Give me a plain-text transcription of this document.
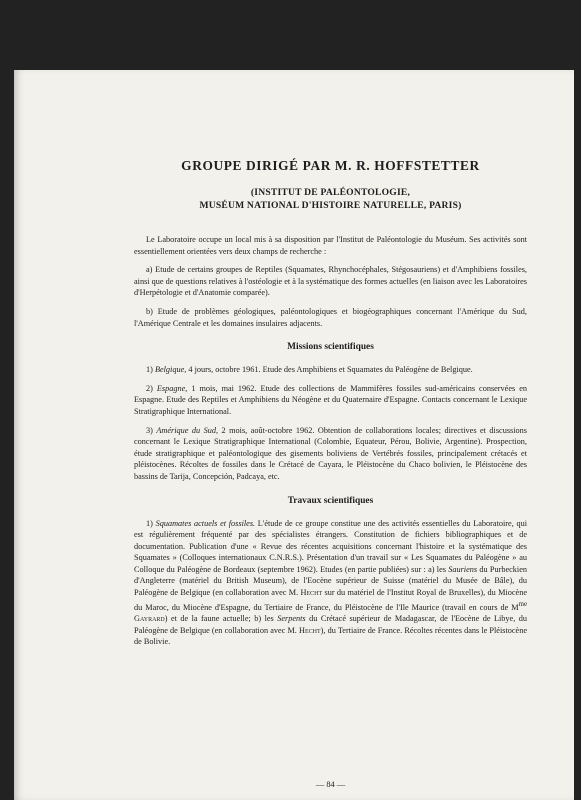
GROUPE DIRIGÉ PAR M. R. HOFFSTETTER
(INSTITUT DE PALÉONTOLOGIE,
MUSÉUM NATIONAL D'HISTOIRE NATURELLE, PARIS)

Le Laboratoire occupe un local mis à sa disposition par l'Institut de Paléontologie du Muséum. Ses activités sont essentiellement orientées vers deux champs de recherche :

a) Etude de certains groupes de Reptiles (Squamates, Rhynchocéphales, Stégosauriens) et d'Amphibiens fossiles, ainsi que de questions relatives à l'ostéologie et à la systématique des formes actuelles (en liaison avec les Laboratoires d'Herpétologie et d'Anatomie comparée).

b) Etude de problèmes géologiques, paléontologiques et biogéographiques concernant l'Amérique du Sud, l'Amérique Centrale et les domaines insulaires adjacents.

Missions scientifiques

1) Belgique, 4 jours, octobre 1961. Etude des Amphibiens et Squamates du Paléogène de Belgique.

2) Espagne, 1 mois, mai 1962. Etude des collections de Mammifères fossiles sud-américains conservées en Espagne. Etude des Reptiles et Amphibiens du Néogène et du Quaternaire d'Espagne. Contacts concernant le Lexique Stratigraphique International.

3) Amérique du Sud, 2 mois, août-octobre 1962. Obtention de collaborations locales; directives et discussions concernant le Lexique Stratigraphique International (Colombie, Equateur, Pérou, Bolivie, Argentine). Prospection, étude stratigraphique et paléontologique des gisements boliviens de Vertébrés fossiles, principalement crétacés et pléistocènes. Récoltes de fossiles dans le Crétacé de Cayara, le Pléistocène du Chaco bolivien, le Pléistocène des bassins de Tarija, Concepción, Padcaya, etc.

Travaux scientifiques

1) Squamates actuels et fossiles. L'étude de ce groupe constitue une des activités essentielles du Laboratoire, qui est régulièrement fréquenté par des spécialistes étrangers. Constitution de fichiers bibliographiques et de documentation. Publication d'une « Revue des récentes acquisitions concernant l'histoire et la systématique des Squamates » (Colloques internationaux C.N.R.S.). Présentation d'un travail sur « Les Squamates du Paléogène » au Colloque du Paléogène de Bordeaux (septembre 1962). Etudes (en partie publiées) sur : a) les Sauriens du Purbeckien d'Angleterre (matériel du British Museum), de l'Eocène supérieur de Suisse (matériel du Musée de Bâle), du Paléogène de Belgique (en collaboration avec M. Hecht sur du matériel de l'Institut Royal de Bruxelles), du Miocène du Maroc, du Miocène d'Espagne, du Tertiaire de France, du Pléistocène de l'Ile Maurice (travail en cours de $M^{me}$ Gayrard) et de la faune actuelle; b) les Serpents du Crétacé supérieur de Madagascar, de l'Eocène de Libye, du Paléogène de Belgique (en collaboration avec M. Hecht), du Tertiaire de France. Récoltes récentes dans le Pléistocène de Bolivie.

— 84 —
